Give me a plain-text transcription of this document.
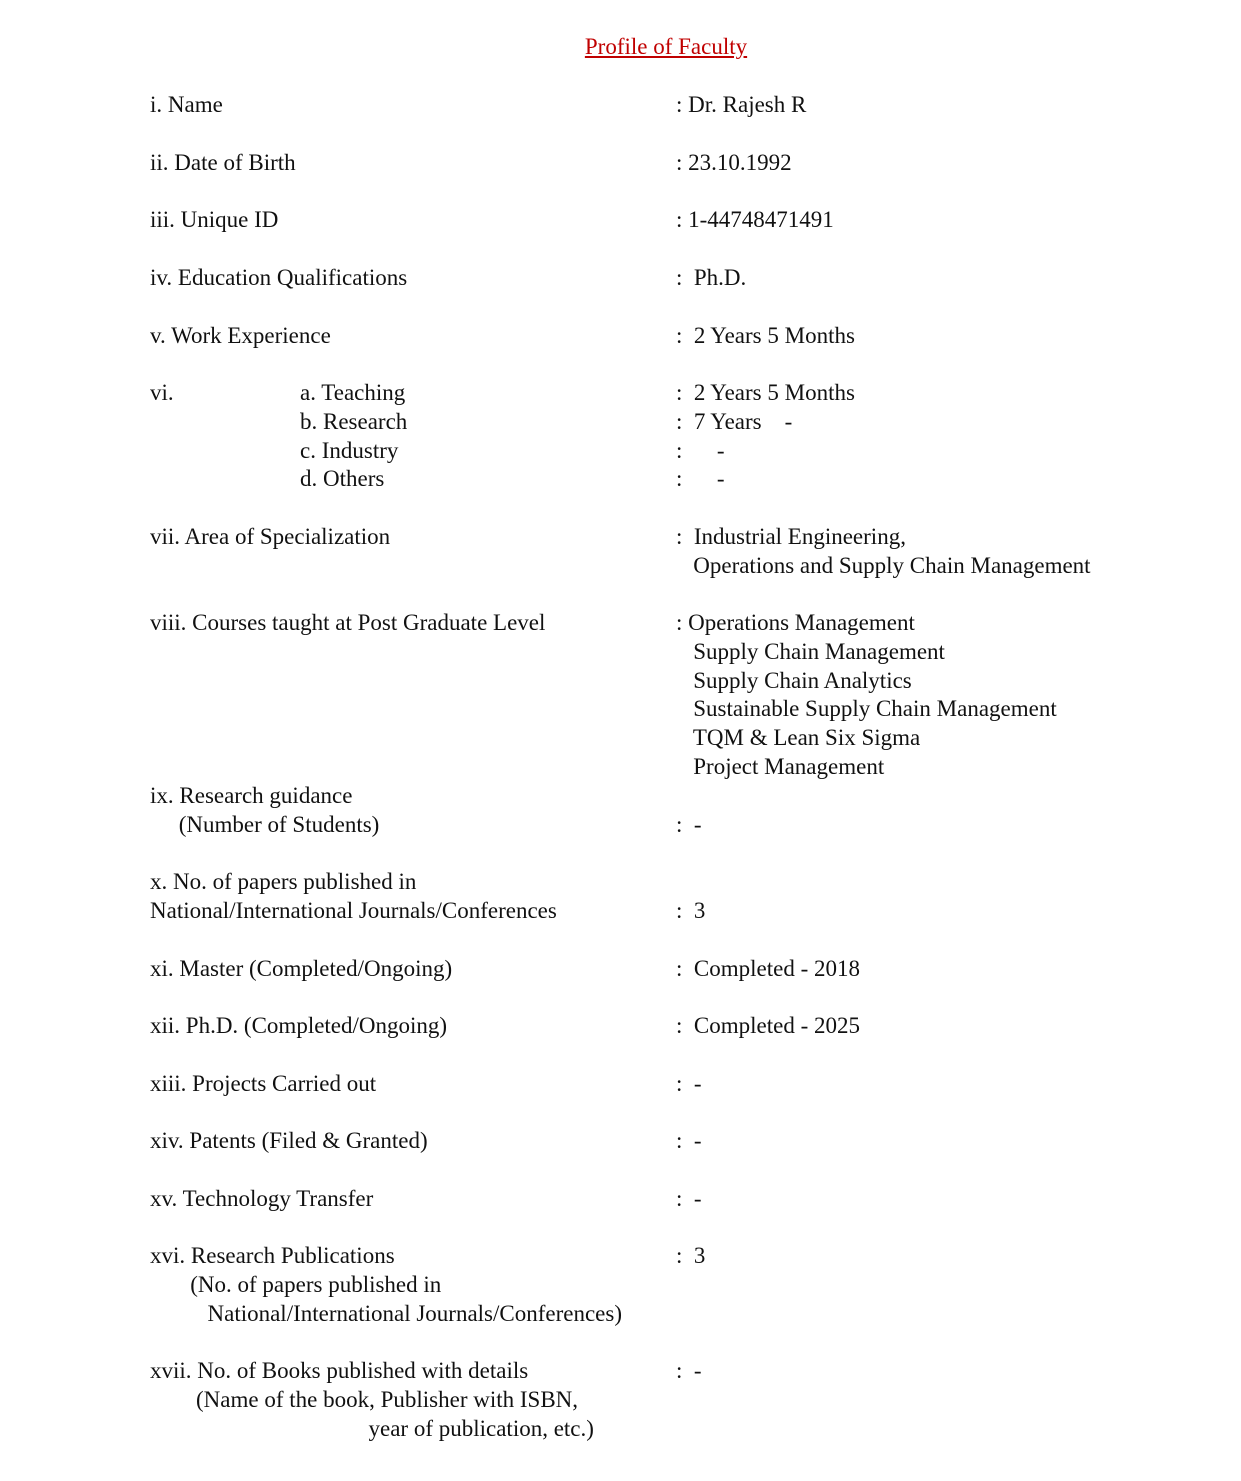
Profile of Faculty
i. Name	: Dr. Rajesh R
ii. Date of Birth	: 23.10.1992
iii. Unique ID	: 1-44748471491
iv. Education Qualifications	:  Ph.D.
v. Work Experience	:  2 Years 5 Months
vi.	a. Teaching	:  2 Years 5 Months
b. Research	:  7 Years    -
c. Industry	:      -
d. Others	:      -
vii. Area of Specialization	:  Industrial Engineering,
Operations and Supply Chain Management
viii. Courses taught at Post Graduate Level	: Operations Management
Supply Chain Management
Supply Chain Analytics
Sustainable Supply Chain Management
TQM & Lean Six Sigma
Project Management
ix. Research guidance
(Number of Students)	:  -
x. No. of papers published in
National/International Journals/Conferences	:  3
xi. Master (Completed/Ongoing)	:  Completed - 2018
xii. Ph.D. (Completed/Ongoing)	:  Completed - 2025
xiii. Projects Carried out	:  -
xiv. Patents (Filed & Granted)	:  -
xv. Technology Transfer	:  -
xvi. Research Publications	:  3
(No. of papers published in
National/International Journals/Conferences)
xvii. No. of Books published with details	:  -
(Name of the book, Publisher with ISBN,
year of publication, etc.)
